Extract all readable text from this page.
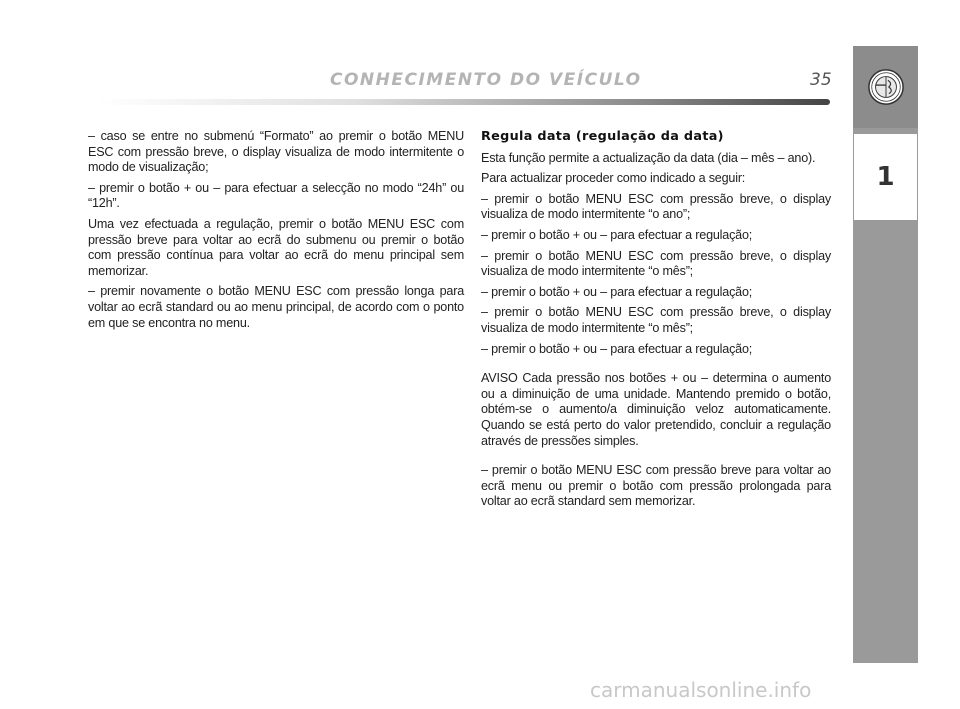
CONHECIMENTO DO VEÍCULO	35
1

– caso se entre no submenú “Formato” ao premir o botão MENU ESC com pressão breve, o display visualiza de modo intermitente o modo de visualização;

– premir o botão + ou – para efectuar a selecção no modo “24h” ou “12h”.

Uma vez efectuada a regulação, premir o botão MENU ESC com pressão breve para voltar ao ecrã do submenu ou premir o botão com pressão contínua para voltar ao ecrã do menu principal sem memorizar.

– premir novamente o botão MENU ESC com pressão longa para voltar ao ecrã standard ou ao menu principal, de acordo com o ponto em que se encontra no menu.

Regula data (regulação da data)

Esta função permite a actualização da data (dia – mês – ano).

Para actualizar proceder como indicado a seguir:

– premir o botão MENU ESC com pressão breve, o display visualiza de modo intermitente “o ano”;

– premir o botão + ou – para efectuar a regulação;

– premir o botão MENU ESC com pressão breve, o display visualiza de modo intermitente “o mês”;

– premir o botão + ou – para efectuar a regulação;

– premir o botão MENU ESC com pressão breve, o display visualiza de modo intermitente “o mês”;

– premir o botão + ou – para efectuar a regulação;

AVISO Cada pressão nos botões + ou – determina o aumento ou a diminuição de uma unidade. Mantendo premido o botão, obtém-se o aumento/a diminuição veloz automaticamente. Quando se está perto do valor pretendido, concluir a regulação através de pressões simples.

– premir o botão MENU ESC com pressão breve para voltar ao ecrã menu ou premir o botão com pressão prolongada para voltar ao ecrã standard sem memorizar.

carmanualsonline.info
